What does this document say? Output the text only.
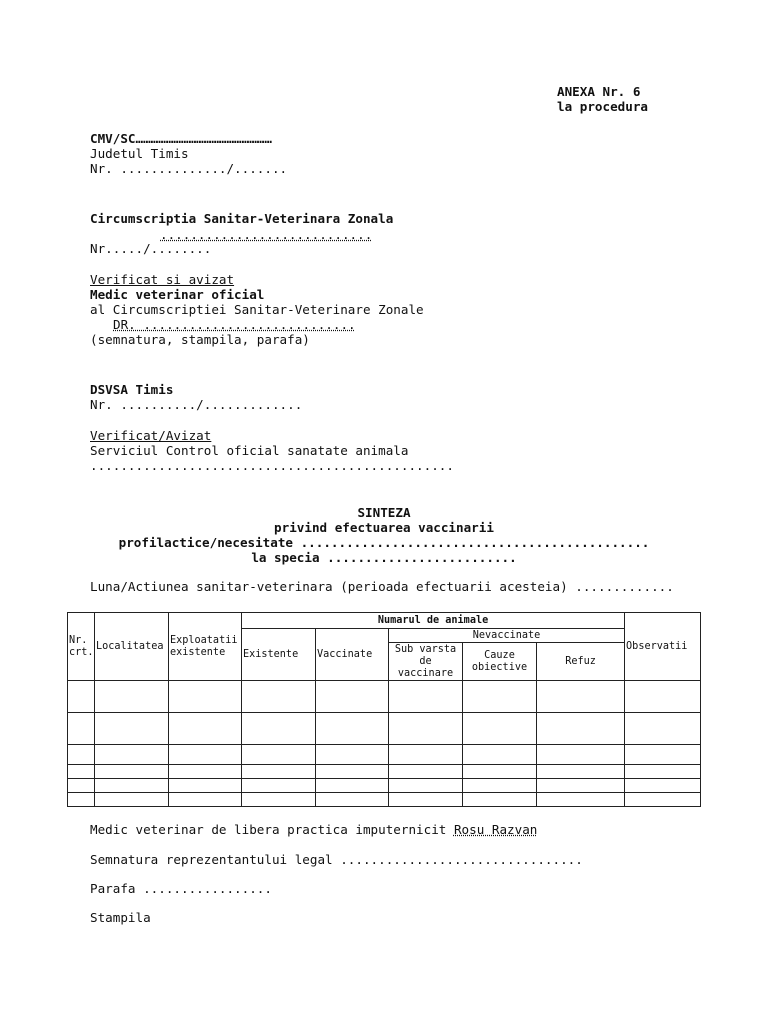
ANEXA Nr. 6
la procedura
CMV/SC………………………………………………
Judetul Timis
Nr. ............../.......
Circumscriptia Sanitar-Veterinara Zonala
............................
Nr...../........
Verificat si avizat
Medic veterinar oficial
al Circumscriptiei Sanitar-Veterinare Zonale
DR. ............................
(semnatura, stampila, parafa)
DSVSA Timis
Nr. ........../.............
Verificat/Avizat
Serviciul Control oficial sanatate animala
................................................
SINTEZA
privind efectuarea vaccinarii
profilactice/necesitate ..............................................
la specia .........................
Luna/Actiunea sanitar-veterinara (perioada efectuarii acesteia) .............
Nr. crt.	Localitatea	Exploatatii existente	Numarul de animale					Observatii
			Existente	Vaccinate	Nevaccinate			
					Sub varsta de vaccinare	Cauze obiective	Refuz	

Medic veterinar de libera practica imputernicit Rosu Razvan
Semnatura reprezentantului legal ................................
Parafa .................
Stampila
